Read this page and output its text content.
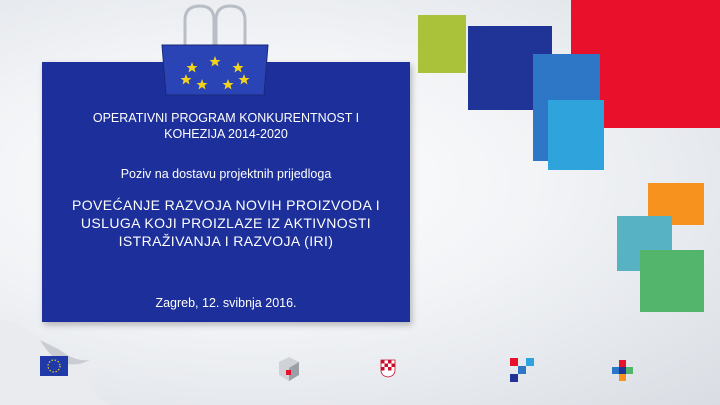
OPERATIVNI PROGRAM KONKURENTNOST I KOHEZIJA 2014-2020
Poziv na dostavu projektnih prijedloga
POVEĆANJE RAZVOJA NOVIH PROIZVODA I USLUGA KOJI PROIZLAZE IZ AKTIVNOSTI ISTRAŽIVANJA I RAZVOJA (IRI)
Zagreb, 12. svibnja 2016.
